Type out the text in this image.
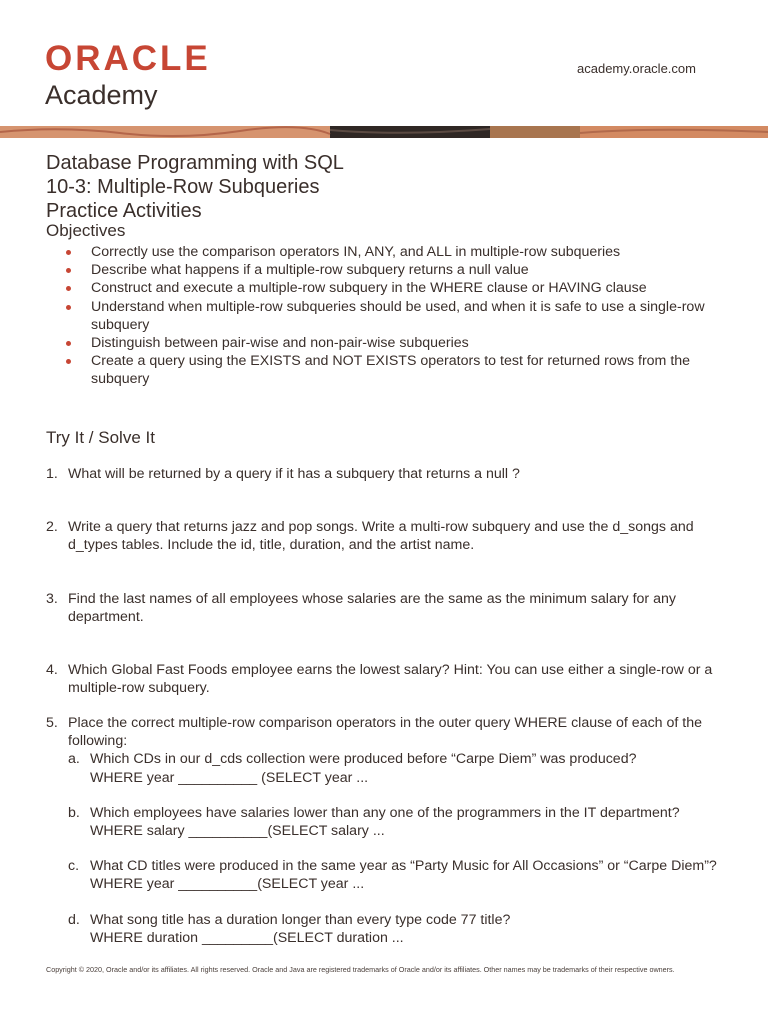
ORACLE
Academy
academy.oracle.com
Database Programming with SQL
10-3: Multiple-Row Subqueries
Practice Activities
Objectives
Correctly use the comparison operators IN, ANY, and ALL in multiple-row subqueries
Describe what happens if a multiple-row subquery returns a null value
Construct and execute a multiple-row subquery in the WHERE clause or HAVING clause
Understand when multiple-row subqueries should be used, and when it is safe to use a single-row subquery
Distinguish between pair-wise and non-pair-wise subqueries
Create a query using the EXISTS and NOT EXISTS operators to test for returned rows from the subquery
Try It / Solve It
1. What will be returned by a query if it has a subquery that returns a null ?
2. Write a query that returns jazz and pop songs. Write a multi-row subquery and use the d_songs and d_types tables. Include the id, title, duration, and the artist name.
3. Find the last names of all employees whose salaries are the same as the minimum salary for any department.
4. Which Global Fast Foods employee earns the lowest salary? Hint: You can use either a single-row or a multiple-row subquery.
5. Place the correct multiple-row comparison operators in the outer query WHERE clause of each of the following:
a. Which CDs in our d_cds collection were produced before “Carpe Diem” was produced?
WHERE year __________ (SELECT year ...
b. Which employees have salaries lower than any one of the programmers in the IT department?
WHERE salary __________(SELECT salary ...
c. What CD titles were produced in the same year as “Party Music for All Occasions” or “Carpe Diem”?
WHERE year __________(SELECT year ...
d. What song title has a duration longer than every type code 77 title?
WHERE duration _________(SELECT duration ...
Copyright © 2020, Oracle and/or its affiliates. All rights reserved. Oracle and Java are registered trademarks of Oracle and/or its affiliates. Other names may be trademarks of their respective owners.
